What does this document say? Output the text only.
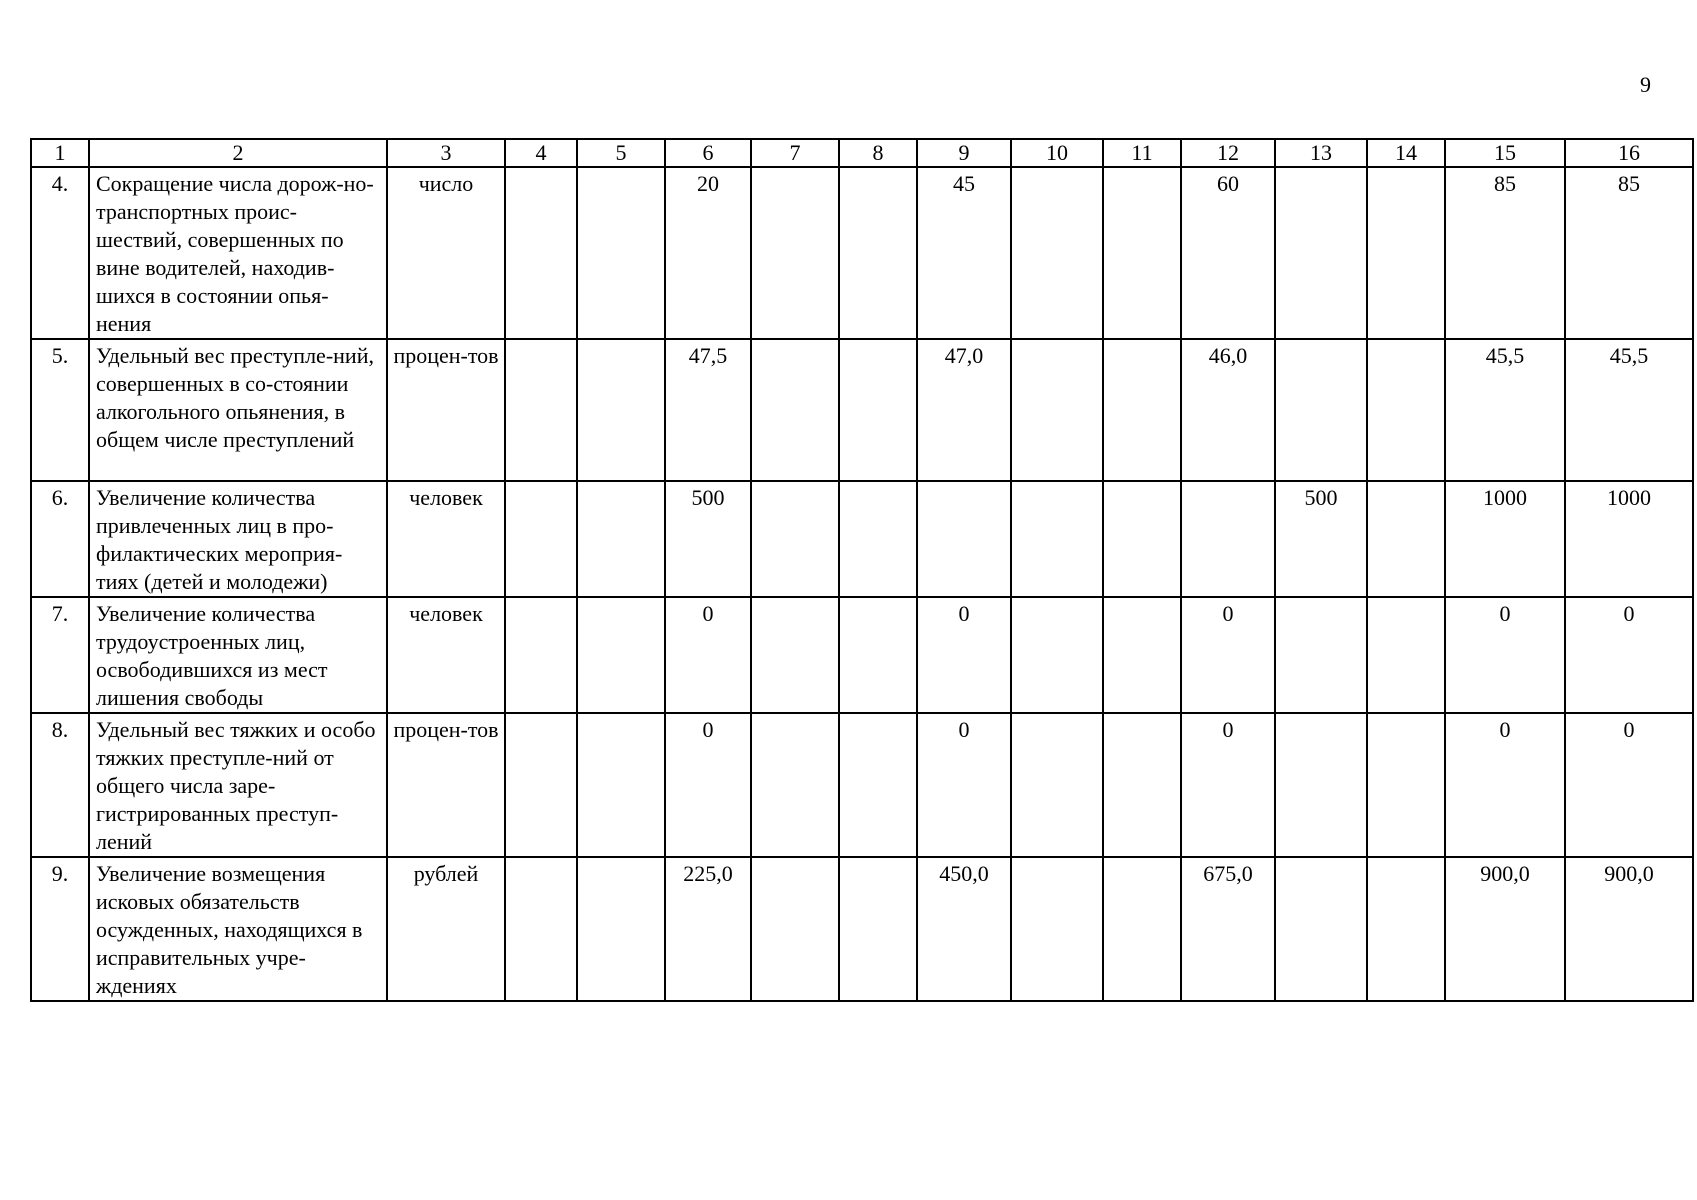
9
1	2	3	4	5	6	7	8	9	10	11	12	13	14	15	16
4.	Сокращение числа дорож-но-транспортных проис-шествий, совершенных по вине водителей, находив-шихся в состоянии опья-нения	число			20			45			60			85	85
5.	Удельный вес преступле-ний, совершенных в со-стоянии алкогольного опьянения, в общем числе преступлений	процен-тов			47,5			47,0			46,0			45,5	45,5
6.	Увеличение количества привлеченных лиц в про-филактических мероприя-тиях (детей и молодежи)	человек			500							500		1000	1000
7.	Увеличение количества трудоустроенных лиц, освободившихся из мест лишения свободы	человек			0			0			0			0	0
8.	Удельный вес тяжких и особо тяжких преступле-ний от общего числа заре-гистрированных преступ-лений	процен-тов			0			0			0			0	0
9.	Увеличение возмещения исковых обязательств осужденных, находящихся в исправительных учре-ждениях	рублей			225,0			450,0			675,0			900,0	900,0
